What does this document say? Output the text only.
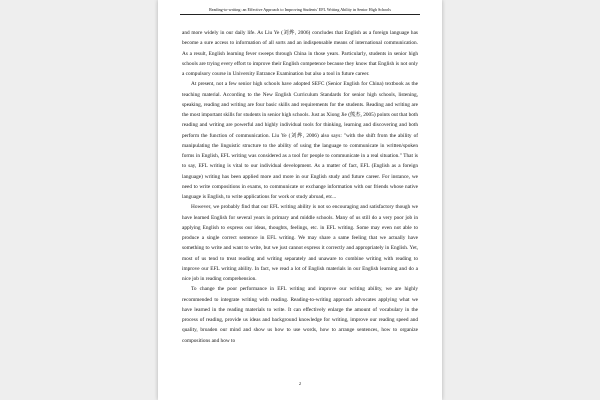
Reading-to-writing: an Effective Approach to Improving Students' EFL Writing Ability in Senior High Schools

and more widely in our daily life. As Liu Ye (刘烨, 2006) concludes that English as a foreign language has become a sure access to information of all sorts and an indispensable means of international communication. As a result, English learning fever sweeps through China in those years. Particularly, students in senior high schools are trying every effort to improve their English competence because they know that English is not only a compulsory course in University Entrance Examination but also a tool in future career.

At present, not a few senior high schools have adopted SEFC (Senior English for China) textbook as the teaching material. According to the New English Curriculum Standards for senior high schools, listening, speaking, reading and writing are four basic skills and requirements for the students. Reading and writing are the most important skills for students in senior high schools. Just as Xiong Jie (熊杰, 2005) points out that both reading and writing are powerful and highly individual tools for thinking, learning and discovering and both perform the function of communication. Liu Ye (刘烨, 2006) also says: "with the shift from the ability of manipulating the linguistic structure to the ability of using the language to communicate in written/spoken forms in English, EFL writing was considered as a tool for people to communicate in a real situation." That is to say, EFL writing is vital to our individual development. As a matter of fact, EFL (English as a foreign language) writing has been applied more and more in our English study and future career. For instance, we need to write compositions in exams, to communicate or exchange information with our friends whose native language is English, to write applications for work or study abroad, etc...

However, we probably find that our EFL writing ability is not so encouraging and satisfactory though we have learned English for several years in primary and middle schools. Many of us still do a very poor job in applying English to express our ideas, thoughts, feelings, etc. in EFL writing. Some may even not able to produce a single correct sentence in EFL writing. We may share a same feeling that we actually have something to write and want to write, but we just cannot express it correctly and appropriately in English. Yet, most of us tend to treat reading and writing separately and unaware to combine writing with reading to improve our EFL writing ability. In fact, we read a lot of English materials in our English learning and do a nice job in reading comprehension.

To change the poor performance in EFL writing and improve our writing ability, we are highly recommended to integrate writing with reading. Reading-to-writing approach advocates applying what we have learned in the reading materials to write. It can effectively enlarge the amount of vocabulary in the process of reading, provide us ideas and background knowledge for writing, improve our reading speed and quality, broaden our mind and show us how to use words, how to arrange sentences, how to organize compositions and how to

2
